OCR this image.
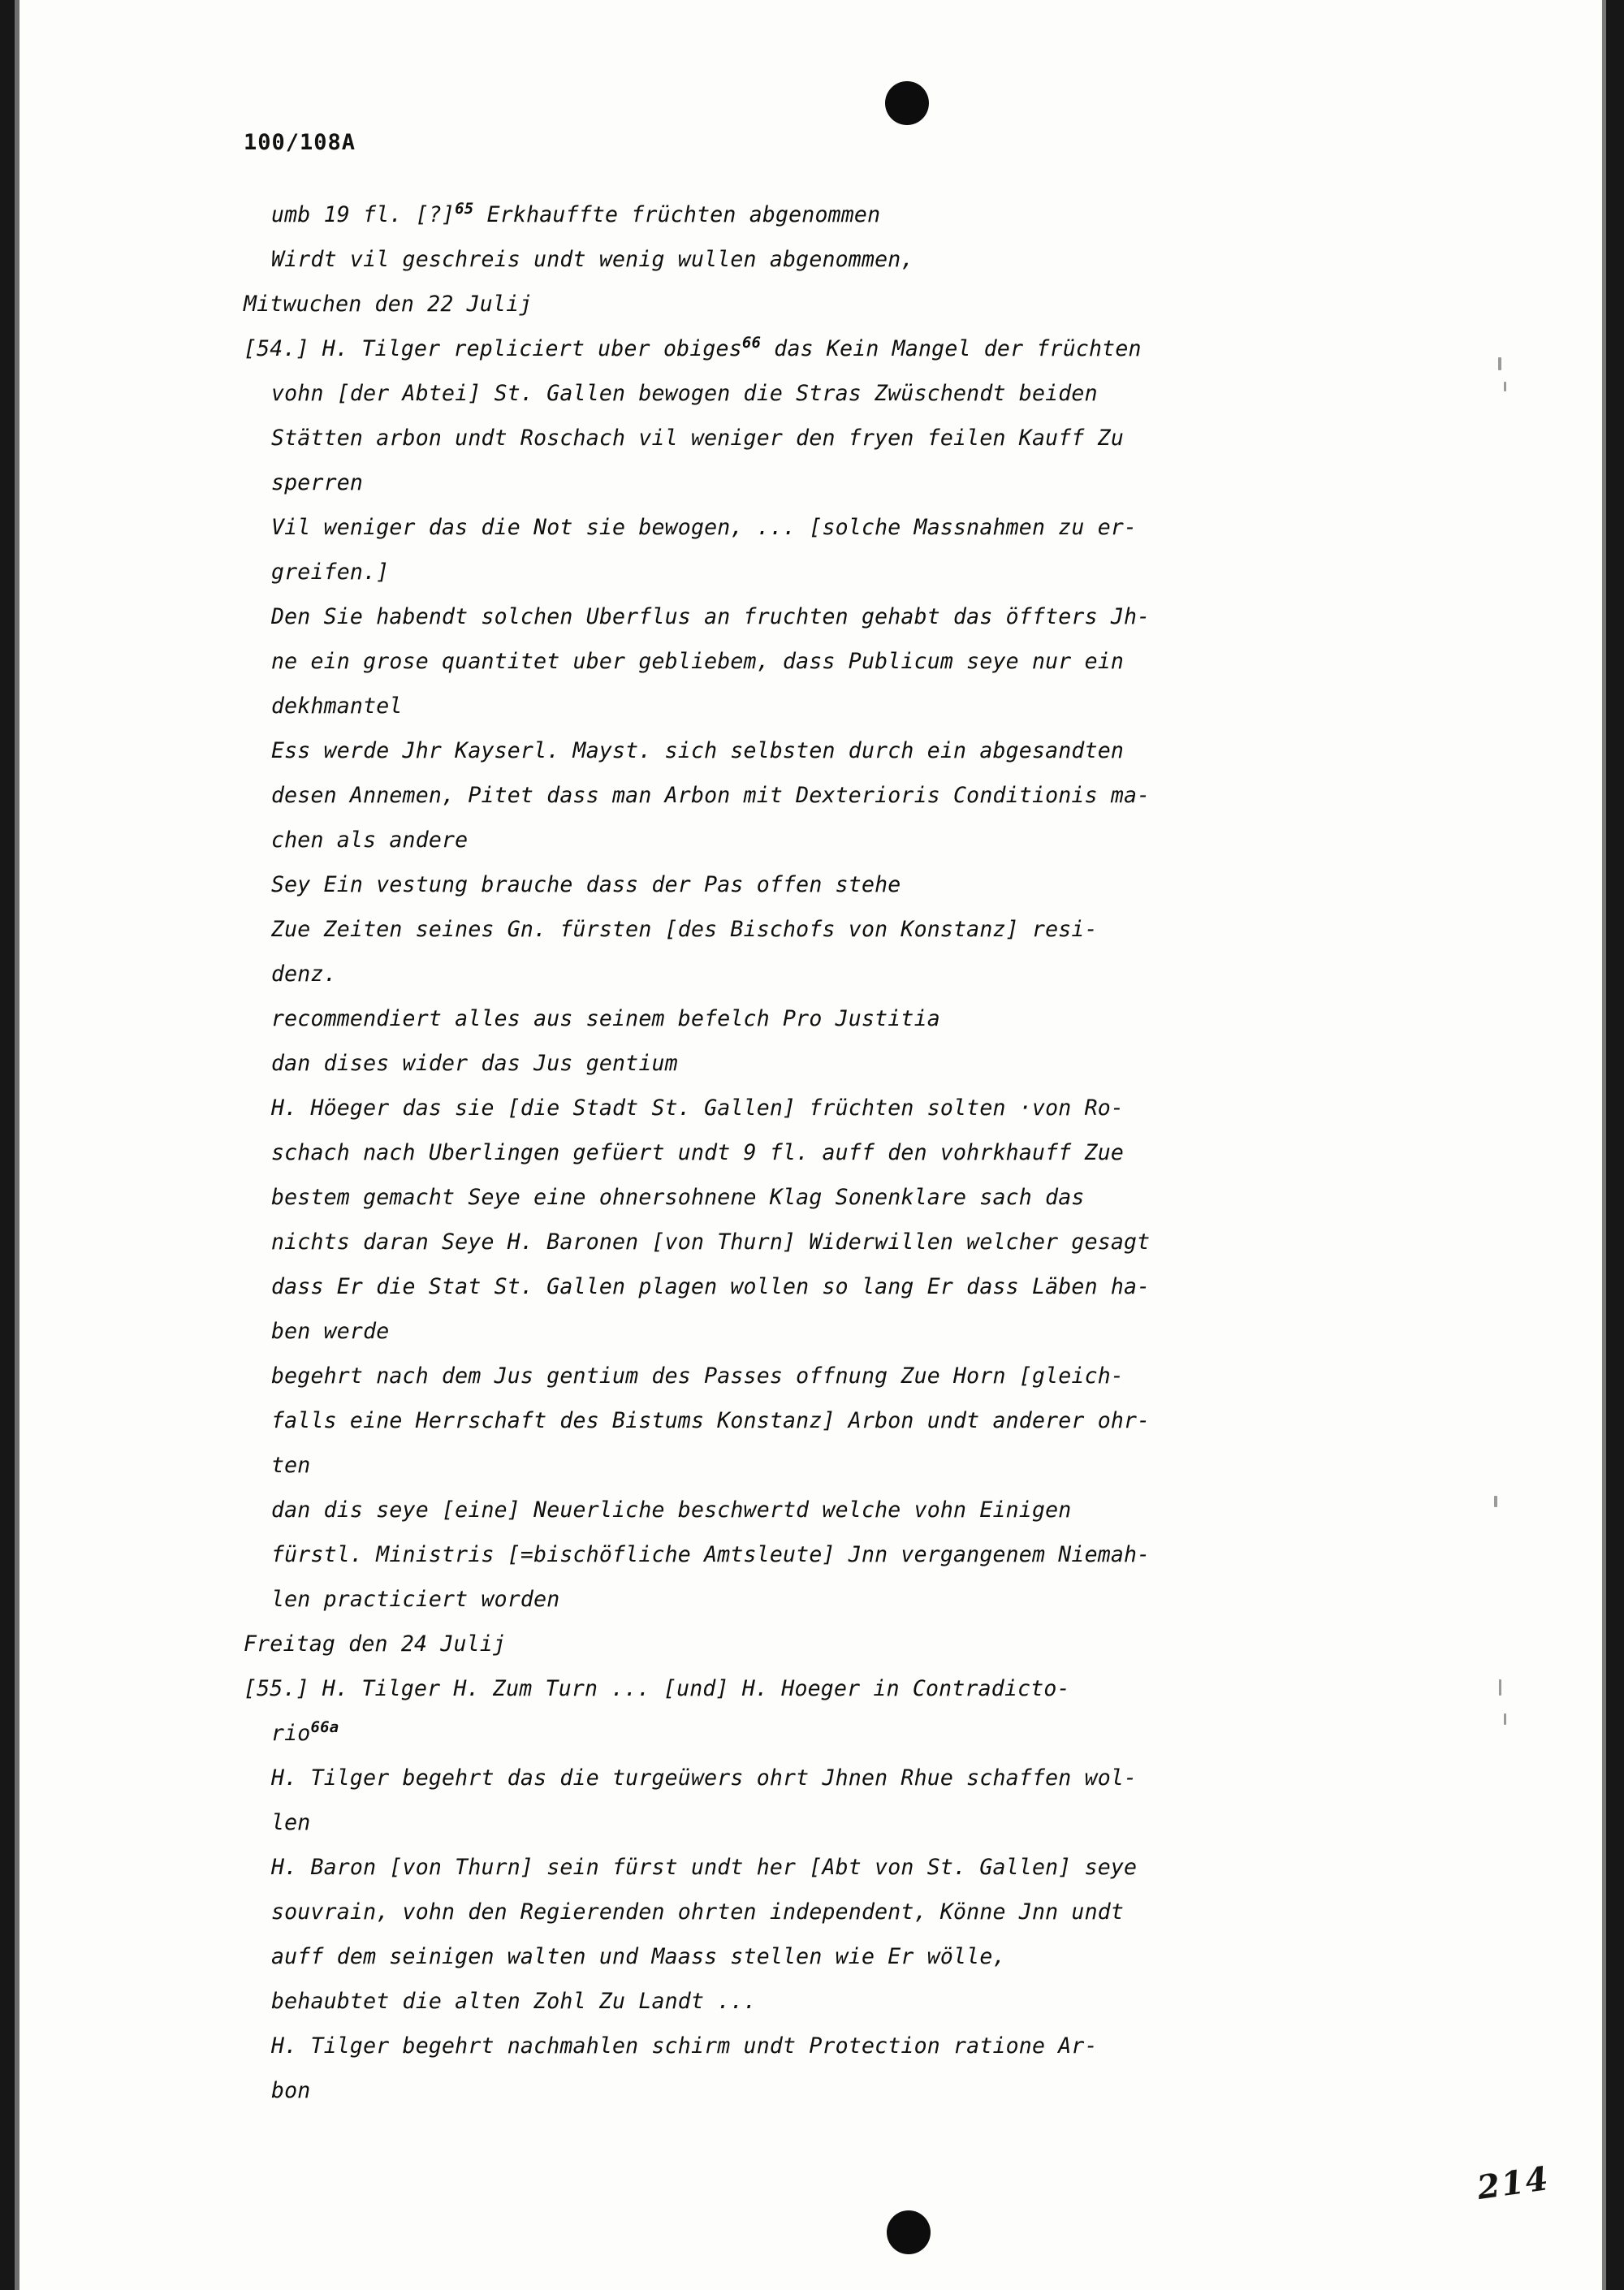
100/108A
umb 19 fl. [?]$^{65}$ Erkhauffte früchten abgenommen
Wirdt vil geschreis undt wenig wullen abgenommen,
Mitwuchen den 22 Julij
[54.] H. Tilger repliciert uber obiges$^{66}$ das Kein Mangel der früchten
vohn [der Abtei] St. Gallen bewogen die Stras Zwüschendt beiden
Stätten arbon undt Roschach vil weniger den fryen feilen Kauff Zu
sperren
Vil weniger das die Not sie bewogen, ... [solche Massnahmen zu er-
greifen.]
Den Sie habendt solchen Uberflus an fruchten gehabt das öffters Jh-
ne ein grose quantitet uber gebliebem, dass Publicum seye nur ein
dekhmantel
Ess werde Jhr Kayserl. Mayst. sich selbsten durch ein abgesandten
desen Annemen, Pitet dass man Arbon mit Dexterioris Conditionis ma-
chen als andere
Sey Ein vestung brauche dass der Pas offen stehe
Zue Zeiten seines Gn. fürsten [des Bischofs von Konstanz] resi-
denz.
recommendiert alles aus seinem befelch Pro Justitia
dan dises wider das Jus gentium
H. Höeger das sie [die Stadt St. Gallen] früchten solten ·von Ro-
schach nach Uberlingen gefüert undt 9 fl. auff den vohrkhauff Zue
bestem gemacht Seye eine ohnersohnene Klag Sonenklare sach das
nichts daran Seye H. Baronen [von Thurn] Widerwillen welcher gesagt
dass Er die Stat St. Gallen plagen wollen so lang Er dass Läben ha-
ben werde
begehrt nach dem Jus gentium des Passes offnung Zue Horn [gleich-
falls eine Herrschaft des Bistums Konstanz] Arbon undt anderer ohr-
ten
dan dis seye [eine] Neuerliche beschwertd welche vohn Einigen
fürstl. Ministris [=bischöfliche Amtsleute] Jnn vergangenem Niemah-
len practiciert worden
Freitag den 24 Julij
[55.] H. Tilger H. Zum Turn ... [und] H. Hoeger in Contradicto-
rio$^{66a}$
H. Tilger begehrt das die turgeüwers ohrt Jhnen Rhue schaffen wol-
len
H. Baron [von Thurn] sein fürst undt her [Abt von St. Gallen] seye
souvrain, vohn den Regierenden ohrten independent, Könne Jnn undt
auff dem seinigen walten und Maass stellen wie Er wölle,
behaubtet die alten Zohl Zu Landt ...
H. Tilger begehrt nachmahlen schirm undt Protection ratione Ar-
bon
214
